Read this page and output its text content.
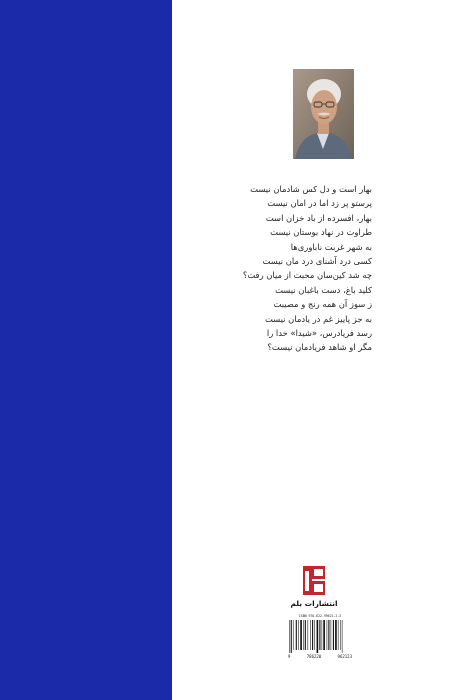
بهار است و دل کس شادمان نیست
پرستو پر زد اما در امان نیست
بهار، افسرده از باد خزان است
طراوت در نهاد بوستان نیست
به شهر غربت ناباوری‌ها
کسی درد آشنای درد مان نیست
چه شد کین‌سان محبت از میان رفت؟
کلید باغ، دست باغبان نیست
ز سوز آن همه رنج و مصیبت
به جز پاییز غم در یادمان نیست
رسد فریادرس، «شیدا» خدا را
مگر او شاهد فریادمان نیست؟
انتشارات بلم
ISBN 978-622-99621-2-3
9	786220	962123
